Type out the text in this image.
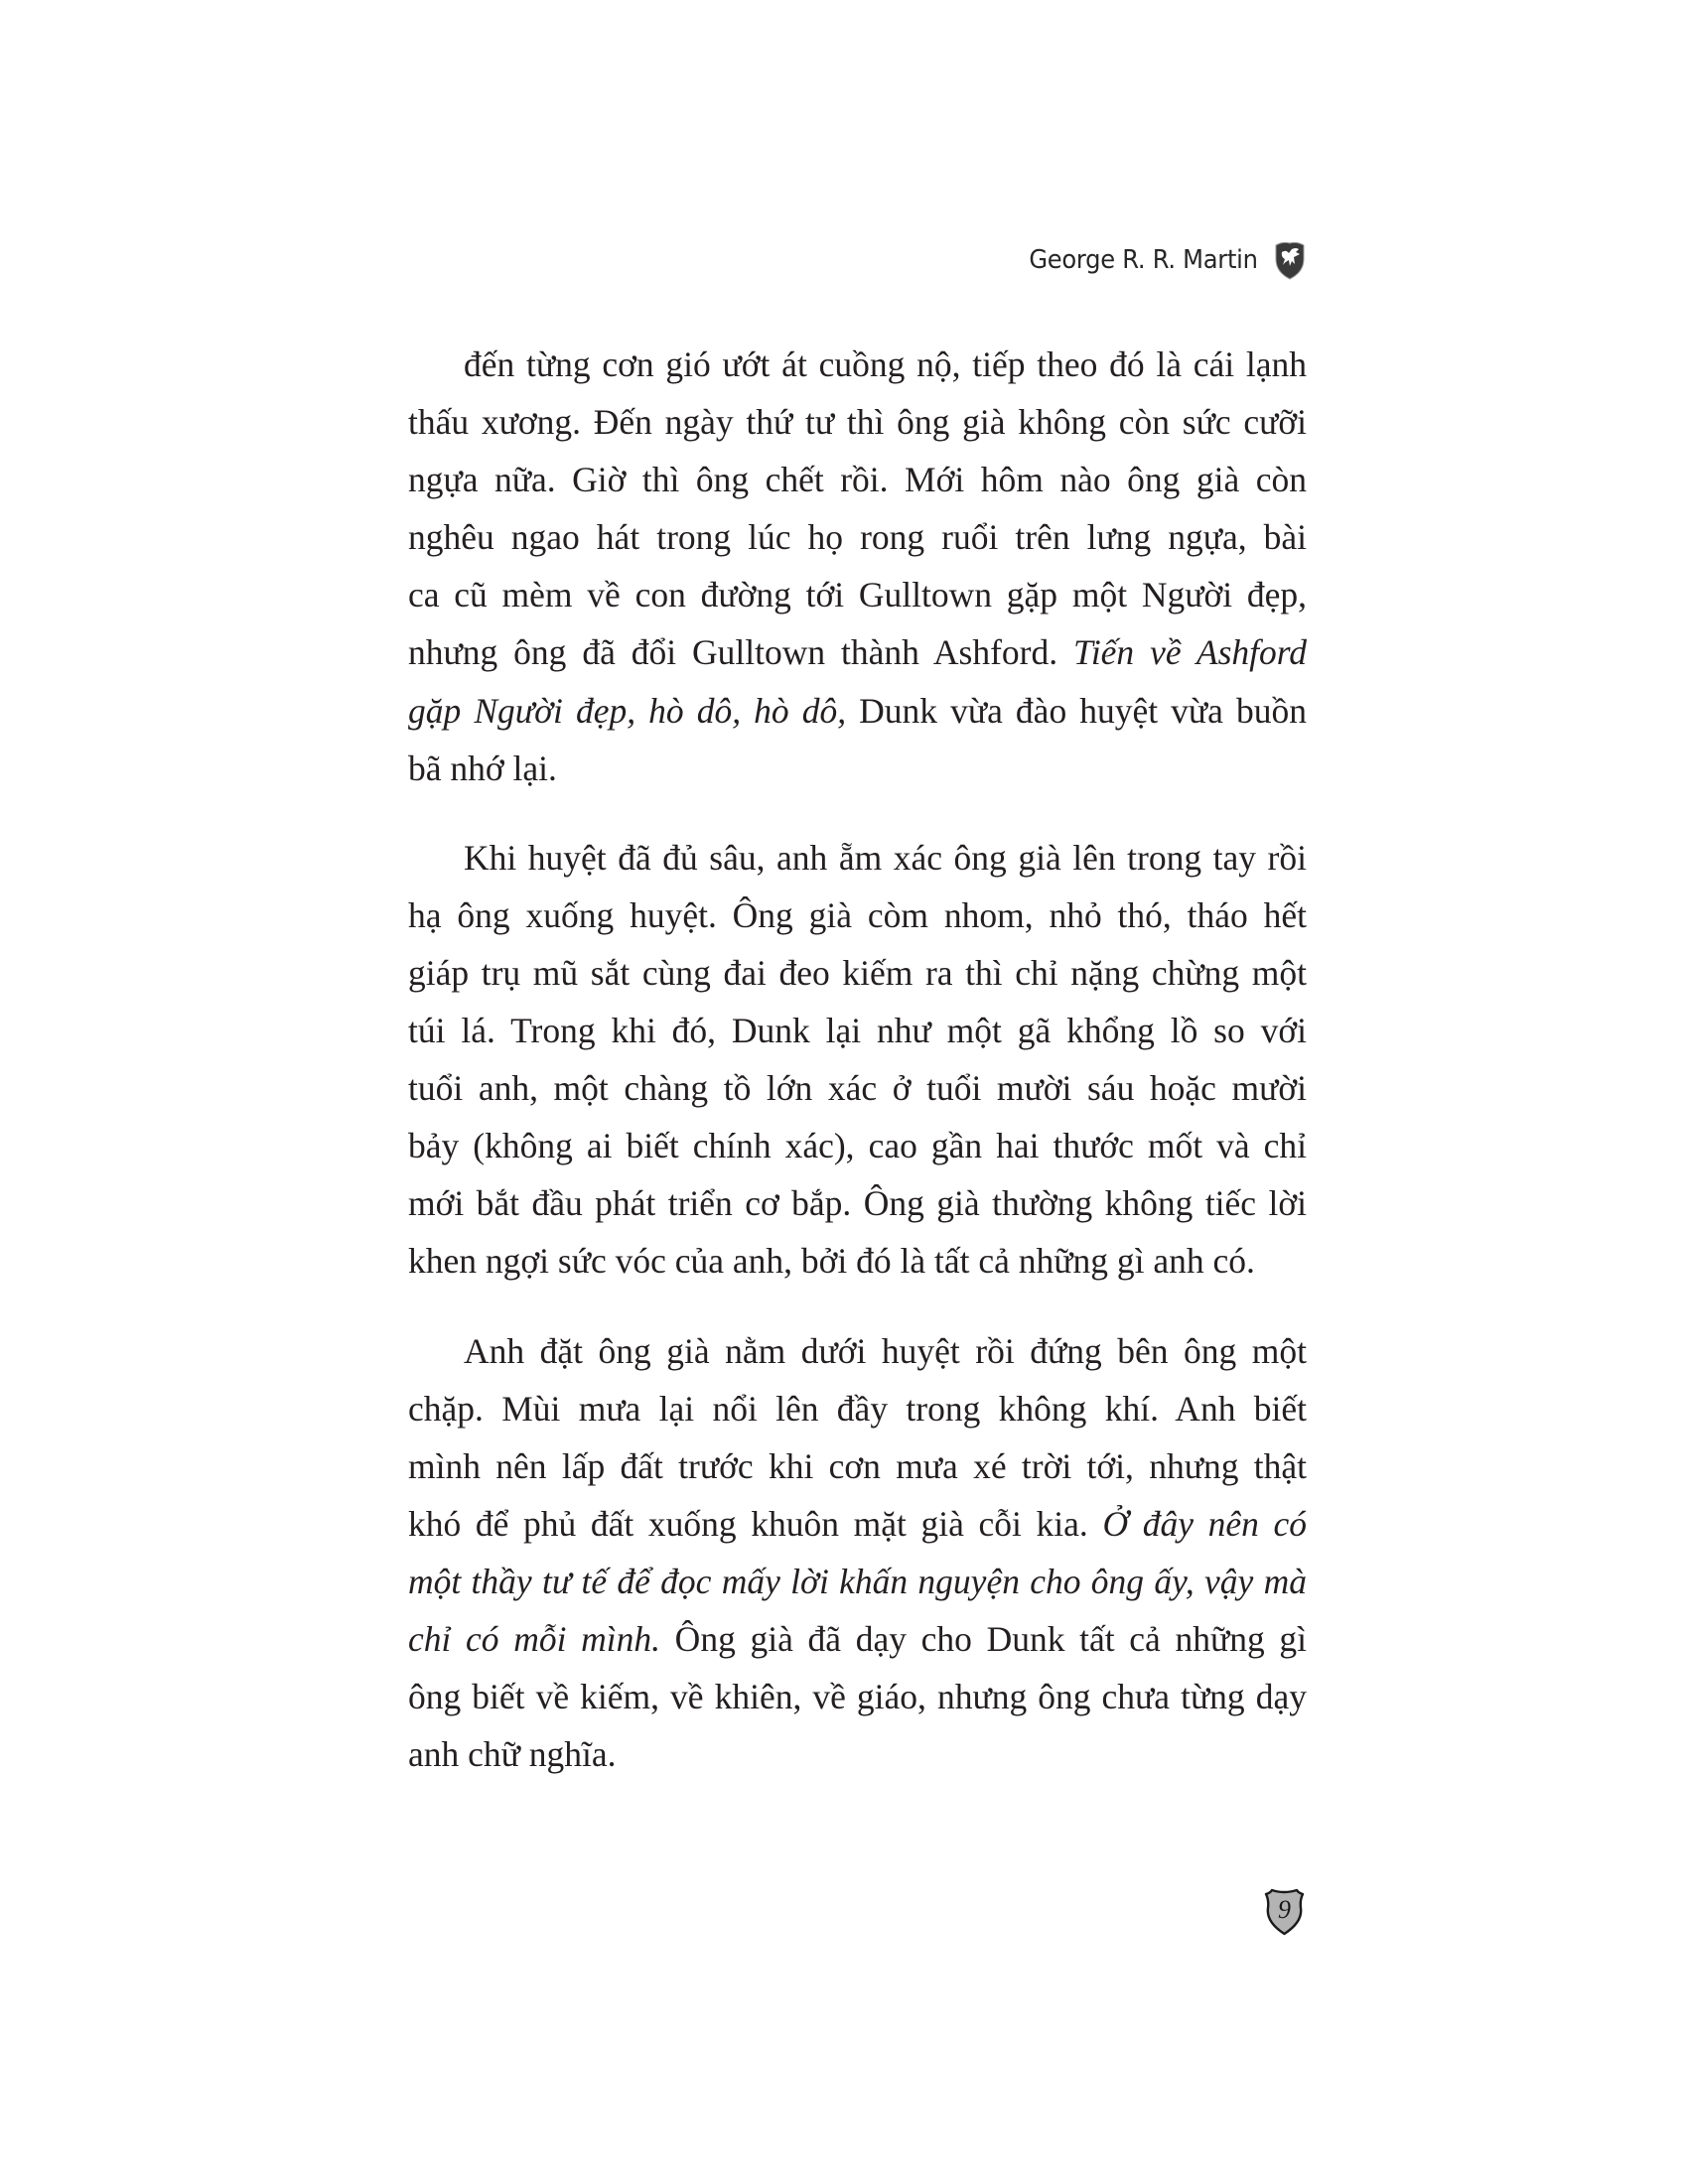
George R. R. Martin
đến từng cơn gió ướt át cuồng nộ, tiếp theo đó là cái lạnh
thấu xương. Đến ngày thứ tư thì ông già không còn sức cưỡi
ngựa nữa. Giờ thì ông chết rồi. Mới hôm nào ông già còn
nghêu ngao hát trong lúc họ rong ruổi trên lưng ngựa, bài
ca cũ mèm về con đường tới Gulltown gặp một Người đẹp,
nhưng ông đã đổi Gulltown thành Ashford. Tiến về Ashford
gặp Người đẹp, hò dô, hò dô, Dunk vừa đào huyệt vừa buồn
bã nhớ lại.
Khi huyệt đã đủ sâu, anh ẵm xác ông già lên trong tay rồi
hạ ông xuống huyệt. Ông già còm nhom, nhỏ thó, tháo hết
giáp trụ mũ sắt cùng đai đeo kiếm ra thì chỉ nặng chừng một
túi lá. Trong khi đó, Dunk lại như một gã khổng lồ so với
tuổi anh, một chàng tồ lớn xác ở tuổi mười sáu hoặc mười
bảy (không ai biết chính xác), cao gần hai thước mốt và chỉ
mới bắt đầu phát triển cơ bắp. Ông già thường không tiếc lời
khen ngợi sức vóc của anh, bởi đó là tất cả những gì anh có.
Anh đặt ông già nằm dưới huyệt rồi đứng bên ông một
chặp. Mùi mưa lại nổi lên đầy trong không khí. Anh biết
mình nên lấp đất trước khi cơn mưa xé trời tới, nhưng thật
khó để phủ đất xuống khuôn mặt già cỗi kia. Ở đây nên có
một thầy tư tế để đọc mấy lời khấn nguyện cho ông ấy, vậy mà
chỉ có mỗi mình. Ông già đã dạy cho Dunk tất cả những gì
ông biết về kiếm, về khiên, về giáo, nhưng ông chưa từng dạy
anh chữ nghĩa.
9
